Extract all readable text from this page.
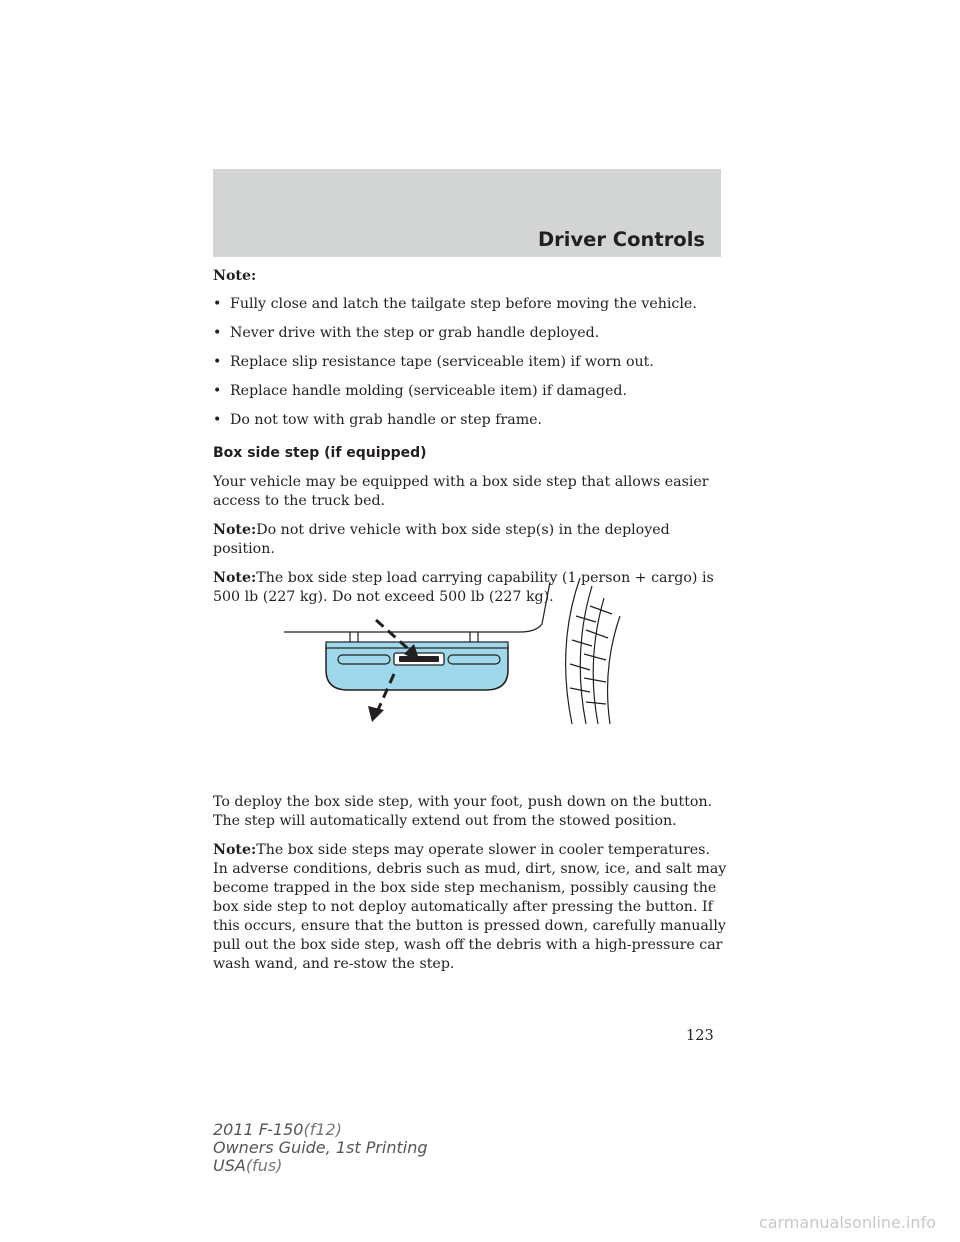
Driver Controls

Note:

• Fully close and latch the tailgate step before moving the vehicle.
• Never drive with the step or grab handle deployed.
• Replace slip resistance tape (serviceable item) if worn out.
• Replace handle molding (serviceable item) if damaged.
• Do not tow with grab handle or step frame.

Box side step (if equipped)

Your vehicle may be equipped with a box side step that allows easier access to the truck bed.

Note:Do not drive vehicle with box side step(s) in the deployed position.

Note:The box side step load carrying capability (1 person + cargo) is 500 lb (227 kg). Do not exceed 500 lb (227 kg).

To deploy the box side step, with your foot, push down on the button. The step will automatically extend out from the stowed position.

Note:The box side steps may operate slower in cooler temperatures. In adverse conditions, debris such as mud, dirt, snow, ice, and salt may become trapped in the box side step mechanism, possibly causing the box side step to not deploy automatically after pressing the button. If this occurs, ensure that the button is pressed down, carefully manually pull out the box side step, wash off the debris with a high-pressure car wash wand, and re-stow the step.

123
2011 F-150(f12)
Owners Guide, 1st Printing
USA(fus)
carmanualsonline.info
